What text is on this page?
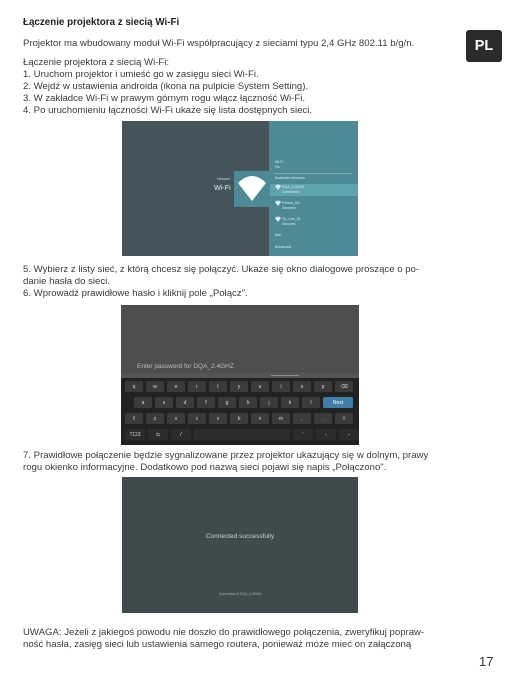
Łączenie projektora z siecią Wi-Fi
PL
Projektor ma wbudowany moduł Wi-Fi współpracujący z sieciami typu 2,4 GHz 802.11 b/g/n.
Łączenie projektora z siecią Wi-Fi:
1. Uruchom projektor i umieść go w zasięgu sieci Wi-Fi.
2. Wejdź w ustawienia androida (ikona na pulpicie System Setting).
3. W zakładce Wi-Fi w prawym górnym rogu włącz łączność Wi-Fi.
4. Po uruchomieniu łączności Wi-Fi ukaże się lista dostępnych sieci.
Network
Wi-Fi
Wi-Fi
On
Available networks
DQA_2.4GHZ
Connected
Polska_5G
Secured
Tp_Link_01
Secured
Add
Advanced
5. Wybierz z listy sieć, z którą chcesz się połączyć. Ukaże się okno dialogowe proszące o po-
danie hasła do sieci.
6. Wprowadź prawidłowe hasło i kliknij pole „Połącz".
Enter password for DQA_2.4GHZ
q	w	e	r	t	y	u	i	o	p	⌫
a	s	d	f	g	h	j	k	l	Next
⇧	z	x	c	v	b	n	m	,	.	⇧
?123	⇆	/	'	‹	›
7. Prawidłowe połączenie będzie sygnalizowane przez projektor ukazujący się w dolnym, prawy
rogu okienko informacyjne. Dodatkowo pod nazwą sieci pojawi się napis „Połączono".
Connected successfully
Connected to DQA_2.4GHZ
UWAGA: Jeżeli z jakiegoś powodu nie doszło do prawidłowego połączenia, zweryfikuj popraw-
ność hasła, zasięg sieci lub ustawienia samego routera, ponieważ może mieć on załączoną
17
